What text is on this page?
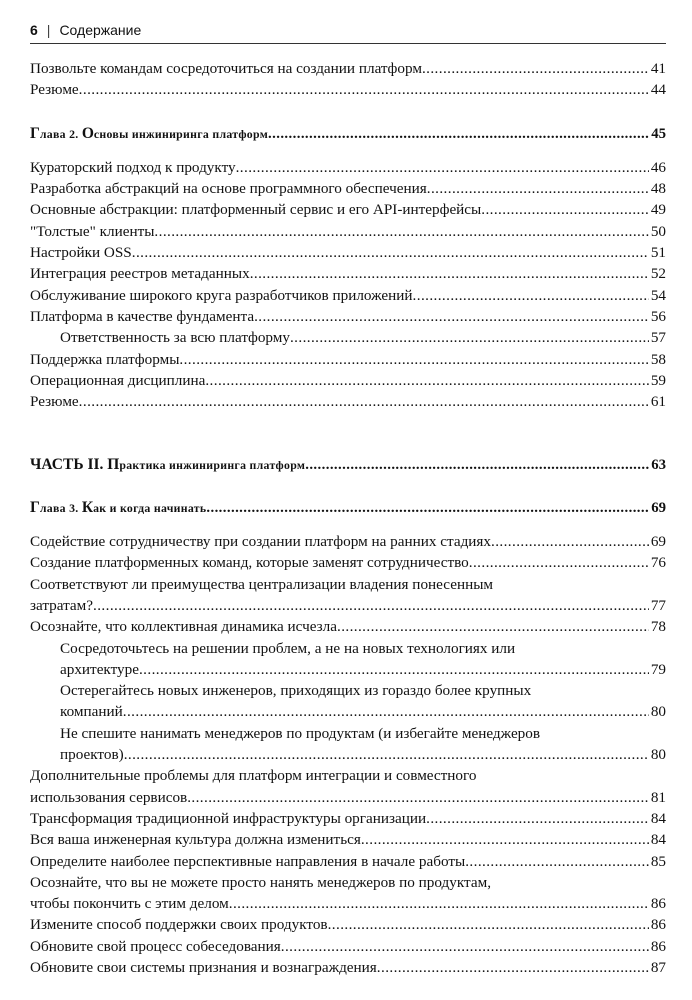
6 | Содержание
Позвольте командам сосредоточиться на создании платформ .....	41
Резюме .....	44
Глава 2. Основы инжиниринга платформ .....	45
Кураторский подход к продукту .....	46
Разработка абстракций на основе программного обеспечения .....	48
Основные абстракции: платформенный сервис и его API-интерфейсы .....	49
"Толстые" клиенты .....	50
Настройки OSS .....	51
Интеграция реестров метаданных .....	52
Обслуживание широкого круга разработчиков приложений .....	54
Платформа в качестве фундамента .....	56
Ответственность за всю платформу .....	57
Поддержка платформы .....	58
Операционная дисциплина .....	59
Резюме .....	61
ЧАСТЬ II. Практика инжиниринга платформ .....	63
Глава 3. Как и когда начинать .....	69
Содействие сотрудничеству при создании платформ на ранних стадиях .....	69
Создание платформенных команд, которые заменят сотрудничество .....	76
Соответствуют ли преимущества централизации владения понесенным
затратам? .....	77
Осознайте, что коллективная динамика исчезла .....	78
Сосредоточьтесь на решении проблем, а не на новых технологиях или
архитектуре .....	79
Остерегайтесь новых инженеров, приходящих из гораздо более крупных
компаний .....	80
Не спешите нанимать менеджеров по продуктам (и избегайте менеджеров
проектов) .....	80
Дополнительные проблемы для платформ интеграции и совместного
использования сервисов .....	81
Трансформация традиционной инфраструктуры организации .....	84
Вся ваша инженерная культура должна измениться .....	84
Определите наиболее перспективные направления в начале работы .....	85
Осознайте, что вы не можете просто нанять менеджеров по продуктам,
чтобы покончить с этим делом .....	86
Измените способ поддержки своих продуктов .....	86
Обновите свой процесс собеседования .....	86
Обновите свои системы признания и вознаграждения .....	87
